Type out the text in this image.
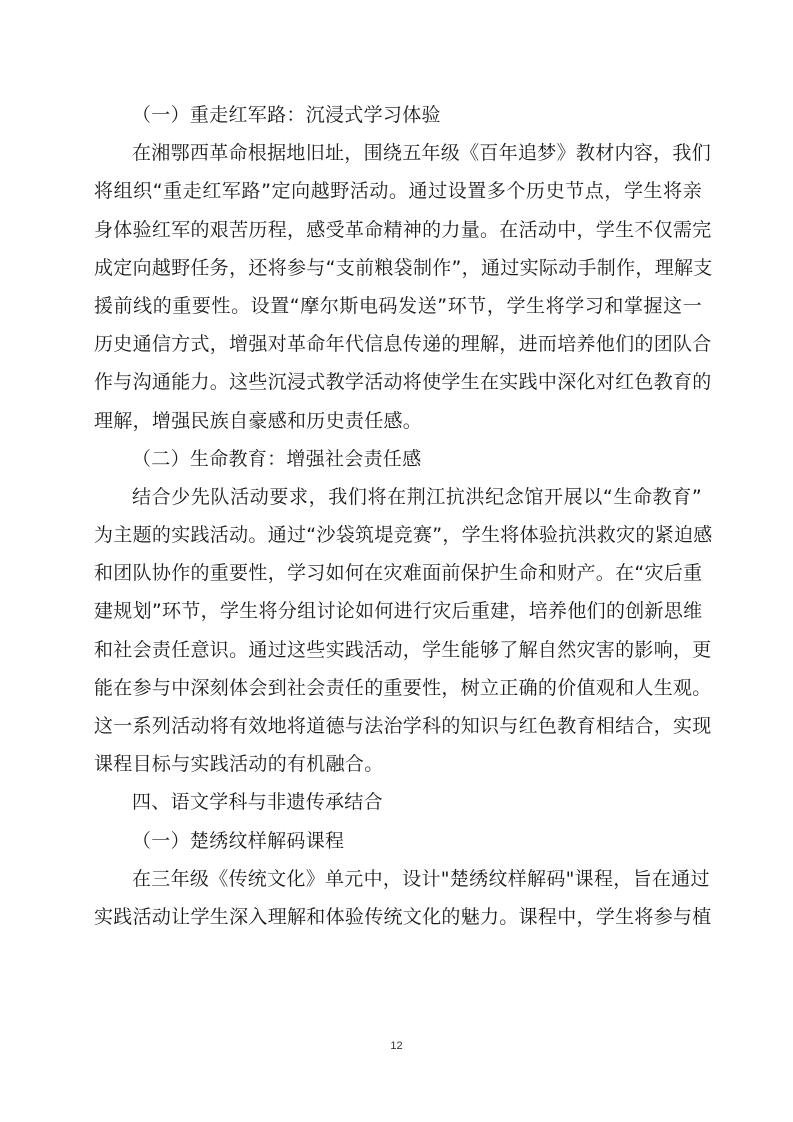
（一）重走红军路：沉浸式学习体验
在湘鄂西革命根据地旧址，围绕五年级《百年追梦》教材内容，我们
将组织“重走红军路”定向越野活动。通过设置多个历史节点，学生将亲
身体验红军的艰苦历程，感受革命精神的力量。在活动中，学生不仅需完
成定向越野任务，还将参与“支前粮袋制作”，通过实际动手制作，理解支
援前线的重要性。设置“摩尔斯电码发送”环节，学生将学习和掌握这一
历史通信方式，增强对革命年代信息传递的理解，进而培养他们的团队合
作与沟通能力。这些沉浸式教学活动将使学生在实践中深化对红色教育的
理解，增强民族自豪感和历史责任感。
（二）生命教育：增强社会责任感
结合少先队活动要求，我们将在荆江抗洪纪念馆开展以“生命教育”
为主题的实践活动。通过“沙袋筑堤竞赛”，学生将体验抗洪救灾的紧迫感
和团队协作的重要性，学习如何在灾难面前保护生命和财产。在“灾后重
建规划”环节，学生将分组讨论如何进行灾后重建，培养他们的创新思维
和社会责任意识。通过这些实践活动，学生能够了解自然灾害的影响，更
能在参与中深刻体会到社会责任的重要性，树立正确的价值观和人生观。
这一系列活动将有效地将道德与法治学科的知识与红色教育相结合，实现
课程目标与实践活动的有机融合。
四、语文学科与非遗传承结合
（一）楚绣纹样解码课程
在三年级《传统文化》单元中，设计"楚绣纹样解码"课程，旨在通过
实践活动让学生深入理解和体验传统文化的魅力。课程中，学生将参与植
12
